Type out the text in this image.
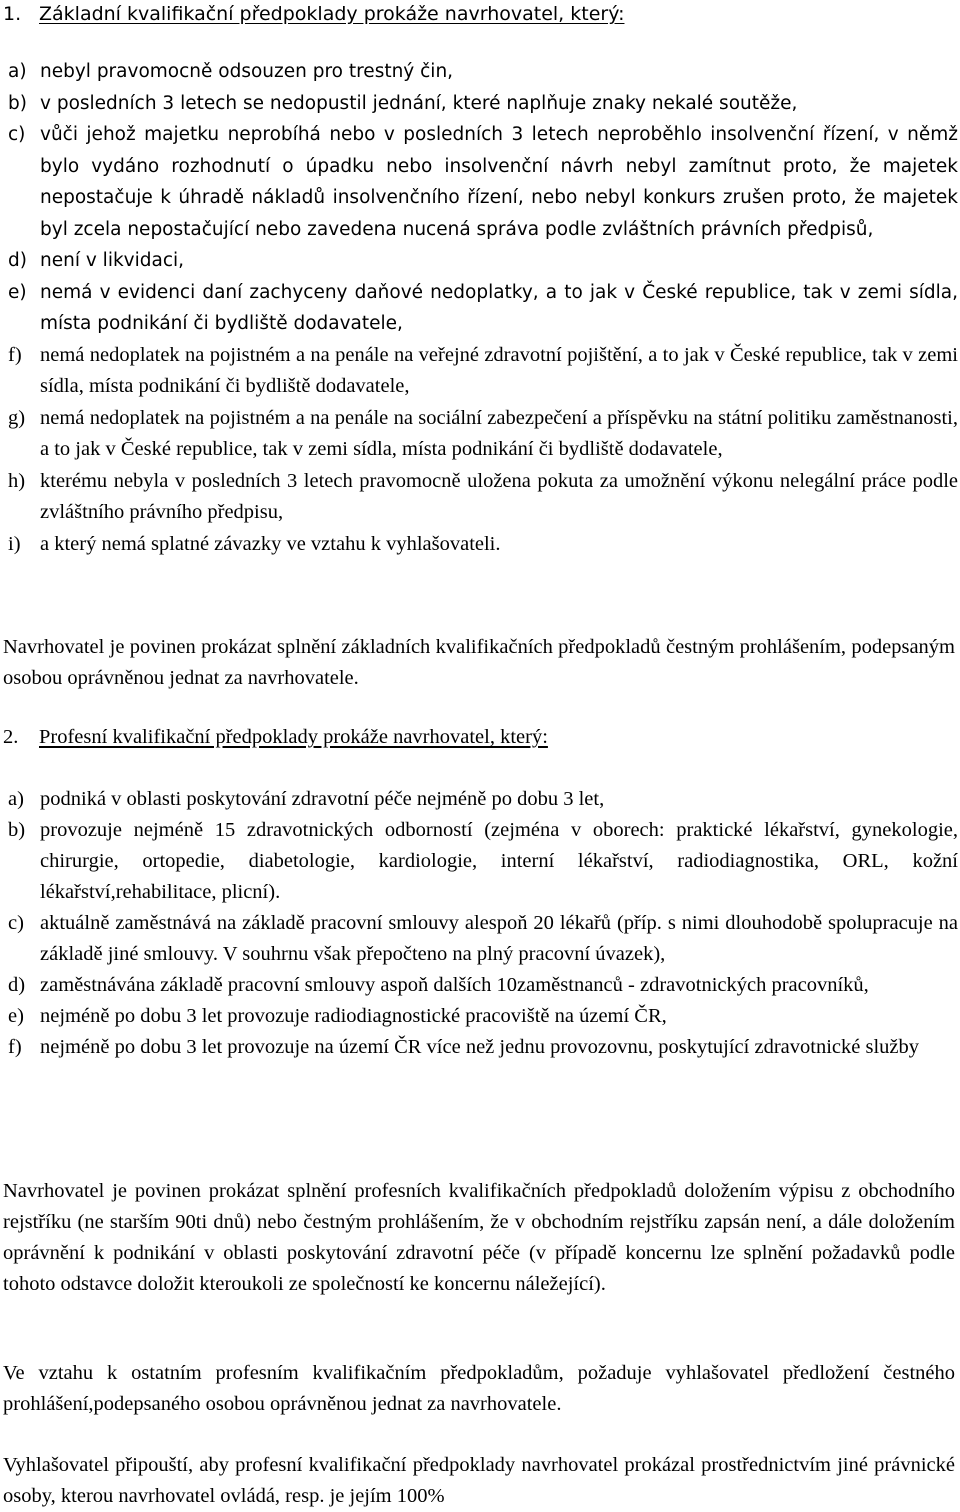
1. Základní kvalifikační předpoklady prokáže navrhovatel, který:
a) nebyl pravomocně odsouzen pro trestný čin,
b) v posledních 3 letech se nedopustil jednání, které naplňuje znaky nekalé soutěže,
c) vůči jehož majetku neprobíhá nebo v posledních 3 letech neproběhlo insolvenční řízení, v němž bylo vydáno rozhodnutí o úpadku nebo insolvenční návrh nebyl zamítnut proto, že majetek nepostačuje k úhradě nákladů insolvenčního řízení, nebo nebyl konkurs zrušen proto, že majetek byl zcela nepostačující nebo zavedena nucená správa podle zvláštních právních předpisů,
d) není v likvidaci,
e) nemá v evidenci daní zachyceny daňové nedoplatky, a to jak v České republice, tak v zemi sídla, místa podnikání či bydliště dodavatele,
f) nemá nedoplatek na pojistném a na penále na veřejné zdravotní pojištění, a to jak v České republice, tak v zemi sídla, místa podnikání či bydliště dodavatele,
g) nemá nedoplatek na pojistném a na penále na sociální zabezpečení a příspěvku na státní politiku zaměstnanosti, a to jak v České republice, tak v zemi sídla, místa podnikání či bydliště dodavatele,
h) kterému nebyla v posledních 3 letech pravomocně uložena pokuta za umožnění výkonu nelegální práce podle zvláštního právního předpisu,
i) a který nemá splatné závazky ve vztahu k vyhlašovateli.

Navrhovatel je povinen prokázat splnění základních kvalifikačních předpokladů čestným prohlášením, podepsaným osobou oprávněnou jednat za navrhovatele.

2. Profesní kvalifikační předpoklady prokáže navrhovatel, který:
a) podniká v oblasti poskytování zdravotní péče nejméně po dobu 3 let,
b) provozuje nejméně 15 zdravotnických odborností (zejména v oborech: praktické lékařství, gynekologie, chirurgie, ortopedie, diabetologie, kardiologie, interní lékařství, radiodiagnostika, ORL, kožní lékařství,rehabilitace, plicní).
c) aktuálně zaměstnává na základě pracovní smlouvy alespoň 20 lékařů (příp. s nimi dlouhodobě spolupracuje na základě jiné smlouvy. V souhrnu však přepočteno na plný pracovní úvazek),
d) zaměstnávána základě pracovní smlouvy aspoň dalších 10zaměstnanců - zdravotnických pracovníků,
e) nejméně po dobu 3 let provozuje radiodiagnostické pracoviště na území ČR,
f) nejméně po dobu 3 let provozuje na území ČR více než jednu provozovnu, poskytující zdravotnické služby

Navrhovatel je povinen prokázat splnění profesních kvalifikačních předpokladů doložením výpisu z obchodního rejstříku (ne starším 90ti dnů) nebo čestným prohlášením, že v obchodním rejstříku zapsán není, a dále doložením oprávnění k podnikání v oblasti poskytování zdravotní péče (v případě koncernu lze splnění požadavků podle tohoto odstavce doložit kteroukoli ze společností ke koncernu náležející).

Ve vztahu k ostatním profesním kvalifikačním předpokladům, požaduje vyhlašovatel předložení čestného prohlášení,podepsaného osobou oprávněnou jednat za navrhovatele.

Vyhlašovatel připouští, aby profesní kvalifikační předpoklady navrhovatel prokázal prostřednictvím jiné právnické osoby, kterou navrhovatel ovládá, resp. je jejím 100%
